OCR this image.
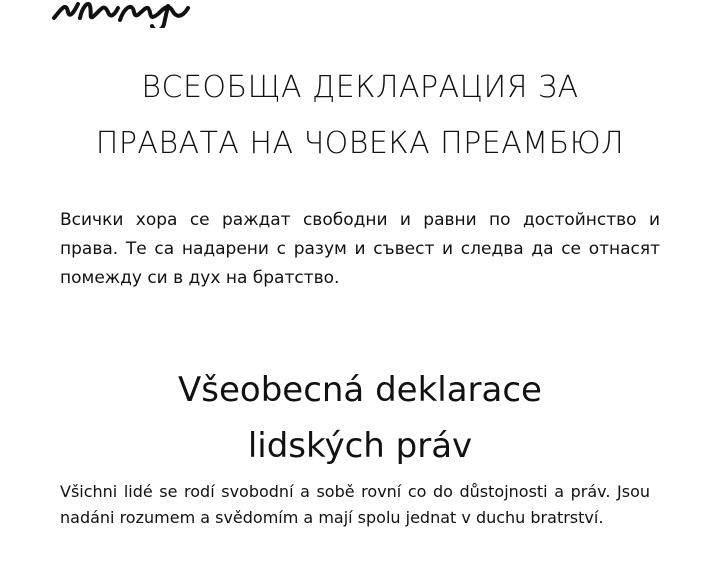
ВСЕОБЩА ДЕКЛАРАЦИЯ ЗА
ПРАВАТА НА ЧОВЕКА ПРЕАМБЮЛ

Всички хора се раждат свободни и равни по достойнство и права. Те са надарени с разум и съвест и следва да се отнасят помежду си в дух на братство.

Všeobecná deklarace
lidských práv

Všichni lidé se rodí svobodní a sobě rovní co do důstojnosti a práv. Jsou nadáni rozumem a svědomím a mají spolu jednat v duchu bratrství.
